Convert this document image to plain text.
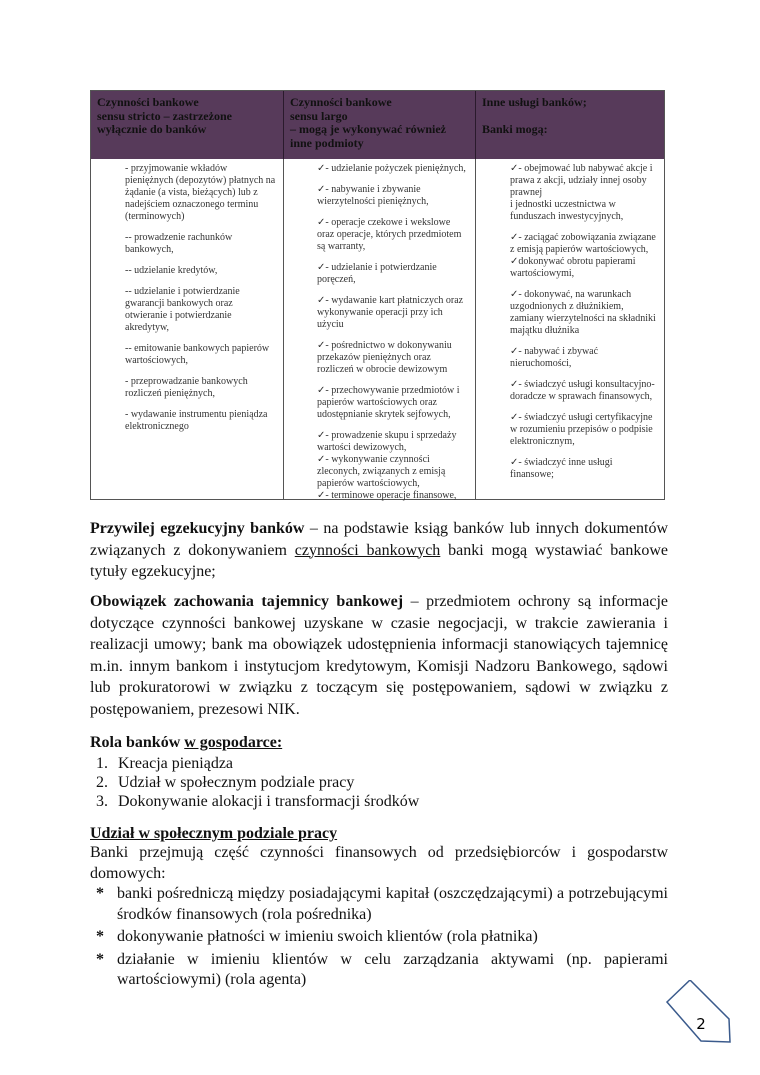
Czynności bankowe
sensu stricto – zastrzeżone
wyłącznie do banków
Czynności bankowe
sensu largo
– mogą je wykonywać również
inne podmioty
Inne usługi banków;
Banki mogą:

- przyjmowanie wkładów pieniężnych (depozytów) płatnych na żądanie (a vista, bieżących) lub z nadejściem oznaczonego terminu (terminowych)

-- prowadzenie rachunków bankowych,

-- udzielanie kredytów,

-- udzielanie i potwierdzanie gwarancji bankowych oraz otwieranie i potwierdzanie akredytyw,

-- emitowanie bankowych papierów wartościowych,

- przeprowadzanie bankowych rozliczeń pieniężnych,

- wydawanie instrumentu pieniądza elektronicznego

✓- udzielanie pożyczek pieniężnych,

✓- nabywanie i zbywanie wierzytelności pieniężnych,

✓- operacje czekowe i wekslowe oraz operacje, których przedmiotem są warranty,

✓- udzielanie i potwierdzanie poręczeń,

✓- wydawanie kart płatniczych oraz wykonywanie operacji przy ich użyciu

✓- pośrednictwo w dokonywaniu przekazów pieniężnych oraz rozliczeń w obrocie dewizowym

✓- przechowywanie przedmiotów i papierów wartościowych oraz udostępnianie skrytek sejfowych,

✓- prowadzenie skupu i sprzedaży wartości dewizowych,

✓- wykonywanie czynności zleconych, związanych z emisją papierów wartościowych,

✓- terminowe operacje finansowe,

✓- obejmować lub nabywać akcje i prawa z akcji, udziały innej osoby prawnej

i jednostki uczestnictwa w funduszach inwestycyjnych,

✓- zaciągać zobowiązania związane z emisją papierów wartościowych,

✓dokonywać obrotu papierami wartościowymi,

✓- dokonywać, na warunkach uzgodnionych z dłużnikiem, zamiany wierzytelności na składniki majątku dłużnika

✓- nabywać i zbywać nieruchomości,

✓- świadczyć usługi konsultacyjno-doradcze w sprawach finansowych,

✓- świadczyć usługi certyfikacyjne w rozumieniu przepisów o podpisie elektronicznym,

✓- świadczyć inne usługi finansowe;

Przywilej egzekucyjny banków – na podstawie ksiąg banków lub innych dokumentów związanych z dokonywaniem czynności bankowych banki mogą wystawiać bankowe tytuły egzekucyjne;
Obowiązek zachowania tajemnicy bankowej – przedmiotem ochrony są informacje dotyczące czynności bankowej uzyskane w czasie negocjacji, w trakcie zawierania i realizacji umowy; bank ma obowiązek udostępnienia informacji stanowiących tajemnicę m.in. innym bankom i instytucjom kredytowym, Komisji Nadzoru Bankowego, sądowi lub prokuratorowi w związku z toczącym się postępowaniem, sądowi w związku z postępowaniem, prezesowi NIK.
Rola banków w gospodarce:
1. Kreacja pieniądza
2. Udział w społecznym podziale pracy
3. Dokonywanie alokacji i transformacji środków
Udział w społecznym podziale pracy
Banki przejmują część czynności finansowych od przedsiębiorców i gospodarstw domowych:
* banki pośredniczą między posiadającymi kapitał (oszczędzającymi) a potrzebującymi środków finansowych (rola pośrednika)
* dokonywanie płatności w imieniu swoich klientów (rola płatnika)
* działanie w imieniu klientów w celu zarządzania aktywami (np. papierami wartościowymi) (rola agenta)
2
